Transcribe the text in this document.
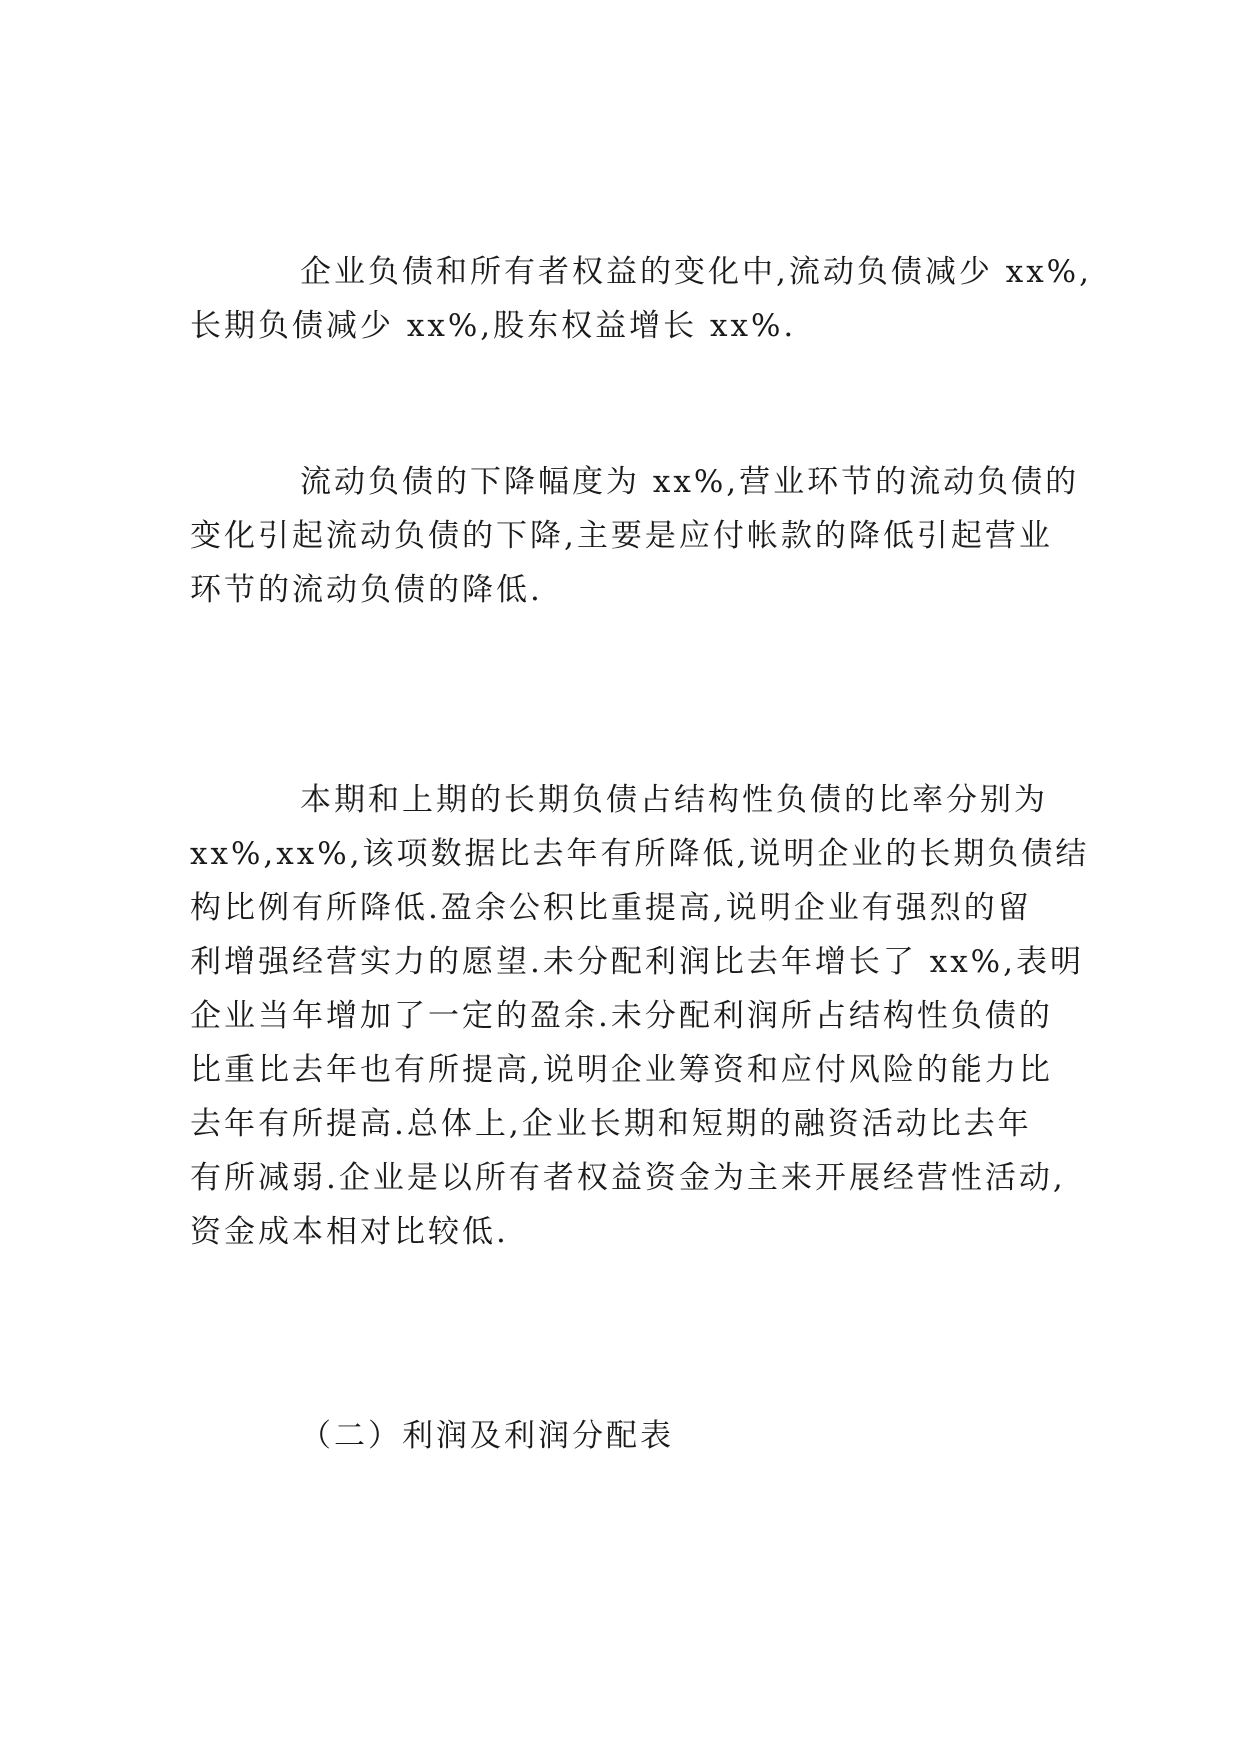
企业负债和所有者权益的变化中,流动负债减少 xx%,
长期负债减少 xx%,股东权益增长 xx%.
流动负债的下降幅度为 xx%,营业环节的流动负债的
变化引起流动负债的下降,主要是应付帐款的降低引起营业
环节的流动负债的降低.
本期和上期的长期负债占结构性负债的比率分别为
xx%,xx%,该项数据比去年有所降低,说明企业的长期负债结
构比例有所降低.盈余公积比重提高,说明企业有强烈的留
利增强经营实力的愿望.未分配利润比去年增长了 xx%,表明
企业当年增加了一定的盈余.未分配利润所占结构性负债的
比重比去年也有所提高,说明企业筹资和应付风险的能力比
去年有所提高.总体上,企业长期和短期的融资活动比去年
有所减弱.企业是以所有者权益资金为主来开展经营性活动,
资金成本相对比较低.
（二）利润及利润分配表
